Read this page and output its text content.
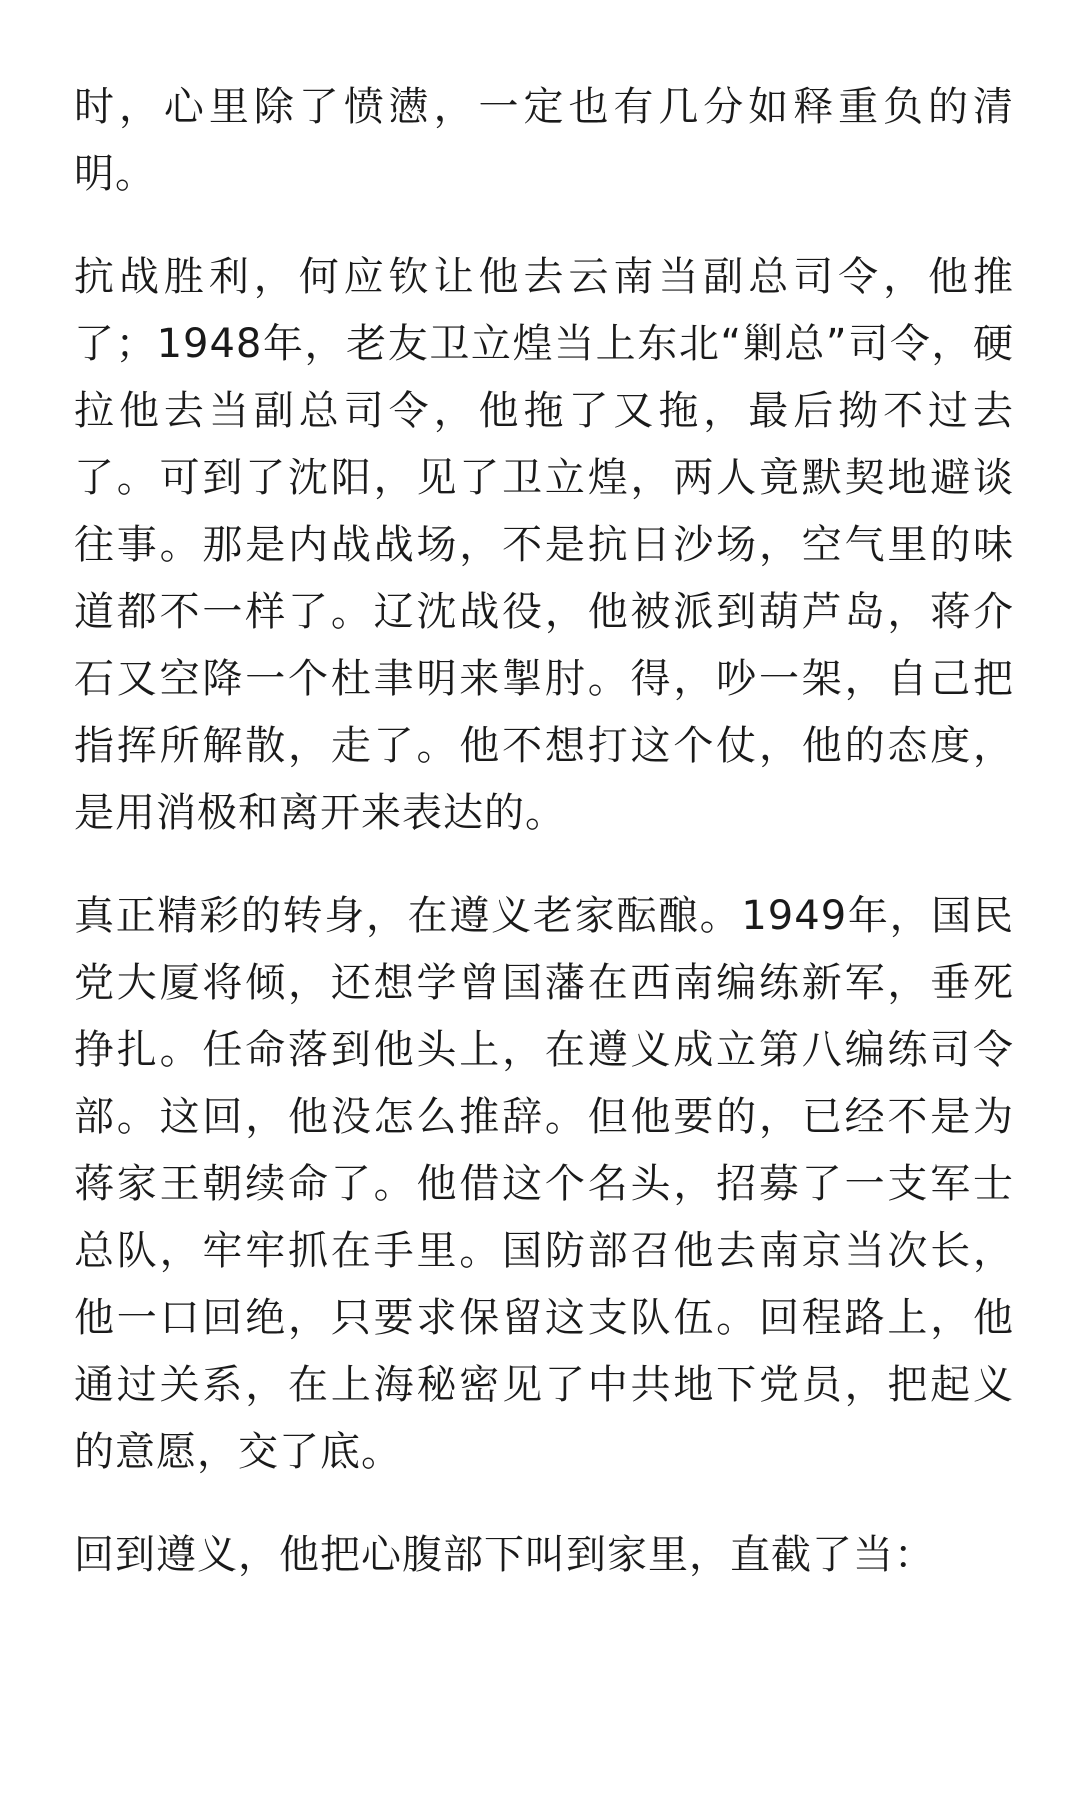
时，心里除了愤懑，一定也有几分如释重负的清明。

抗战胜利，何应钦让他去云南当副总司令，他推了；1948年，老友卫立煌当上东北“剿总”司令，硬拉他去当副总司令，他拖了又拖，最后拗不过去了。可到了沈阳，见了卫立煌，两人竟默契地避谈往事。那是内战战场，不是抗日沙场，空气里的味道都不一样了。辽沈战役，他被派到葫芦岛，蒋介石又空降一个杜聿明来掣肘。得，吵一架，自己把指挥所解散，走了。他不想打这个仗，他的态度，是用消极和离开来表达的。

真正精彩的转身，在遵义老家酝酿。1949年，国民党大厦将倾，还想学曾国藩在西南编练新军，垂死挣扎。任命落到他头上，在遵义成立第八编练司令部。这回，他没怎么推辞。但他要的，已经不是为蒋家王朝续命了。他借这个名头，招募了一支军士总队，牢牢抓在手里。国防部召他去南京当次长，他一口回绝，只要求保留这支队伍。回程路上，他通过关系，在上海秘密见了中共地下党员，把起义的意愿，交了底。

回到遵义，他把心腹部下叫到家里，直截了当：
